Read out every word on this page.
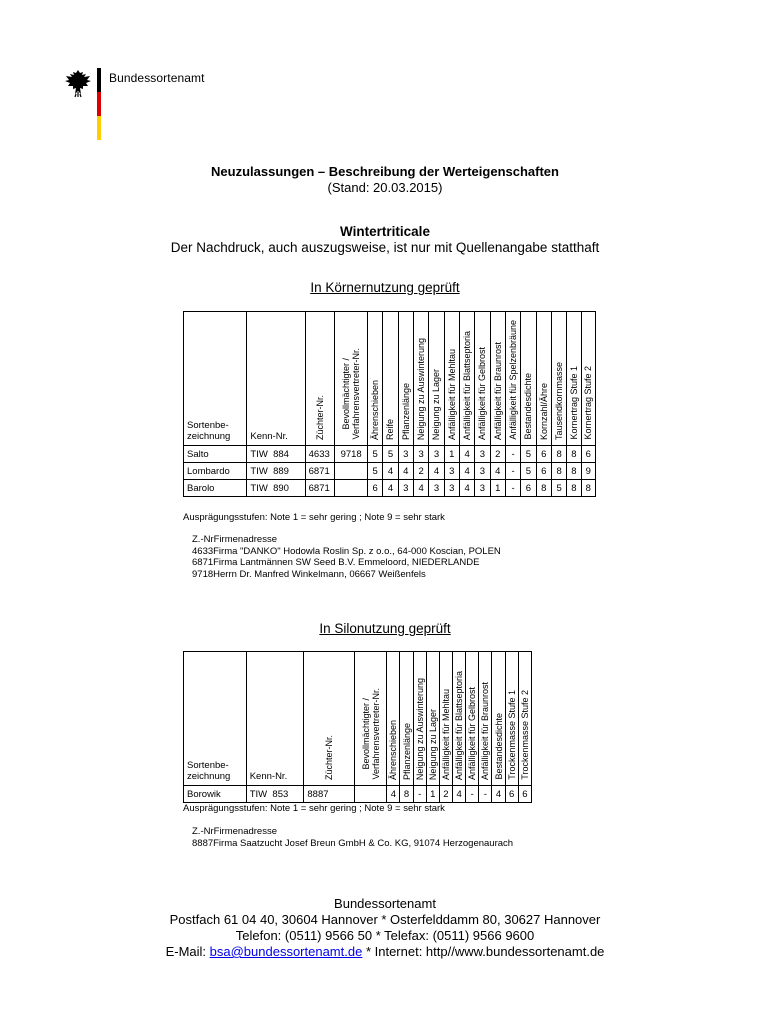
Bundessortenamt
Neuzulassungen – Beschreibung der Werteigenschaften
(Stand: 20.03.2015)
Wintertriticale
Der Nachdruck, auch auszugsweise, ist nur mit Quellenangabe statthaft
In Körnernutzung geprüft
Sortenbe-
zeichnung	Kenn-Nr.	Züchter-Nr.	Bevollmächtigter /
Verfahrensvertreter-Nr.	Ährenschieben	Reife	Pflanzenlänge	Neigung zu Auswinterung	Neigung zu Lager	Anfälligkeit für Mehltau	Anfälligkeit für Blattseptoria	Anfälligkeit für Gelbrost	Anfälligkeit für Braunrost	Anfälligkeit für Spelzenbräune	Bestandesdichte	Kornzahl/Ähre	Tausendkornmasse	Kornertrag Stufe 1	Kornertrag Stufe 2
Salto	TIW 884	4633	9718	5	5	3	3	3	1	4	3	2	-	5	6	8	8	6
Lombardo	TIW 889	6871		5	4	4	2	4	3	4	3	4	-	5	6	8	8	9
Barolo	TIW 890	6871		6	4	3	4	3	3	4	3	1	-	6	8	5	8	8
Ausprägungsstufen: Note 1 = sehr gering ; Note 9 = sehr stark
Z.-NrFirmenadresse
4633Firma "DANKO" Hodowla Roslin Sp. z o.o., 64-000 Koscian, POLEN
6871Firma Lantmännen SW Seed B.V. Emmeloord, NIEDERLANDE
9718Herrn Dr. Manfred Winkelmann, 06667 Weißenfels
In Silonutzung geprüft
Sortenbe-
zeichnung	Kenn-Nr.	Züchter-Nr.	Bevollmächtigter /
Verfahrensvertreter-Nr.	Ährenschieben	Pflanzenlänge	Neigung zu Auswinterung	Neigung zu Lager	Anfälligkeit für Mehltau	Anfälligkeit für Blattseptoria	Anfälligkeit für Gelbrost	Anfälligkeit für Braunrost	Bestandesdichte	Trockenmasse Stufe 1	Trockenmasse Stufe 2
Borowik	TIW 853	8887		4	8	-	1	2	4	-	-	4	6	6
Ausprägungsstufen: Note 1 = sehr gering ; Note 9 = sehr stark
Z.-NrFirmenadresse
8887Firma Saatzucht Josef Breun GmbH & Co. KG, 91074 Herzogenaurach
Bundessortenamt
Postfach 61 04 40, 30604 Hannover * Osterfelddamm 80, 30627 Hannover
Telefon: (0511) 9566 50 * Telefax: (0511) 9566 9600
E-Mail: bsa@bundessortenamt.de * Internet: http//www.bundessortenamt.de
